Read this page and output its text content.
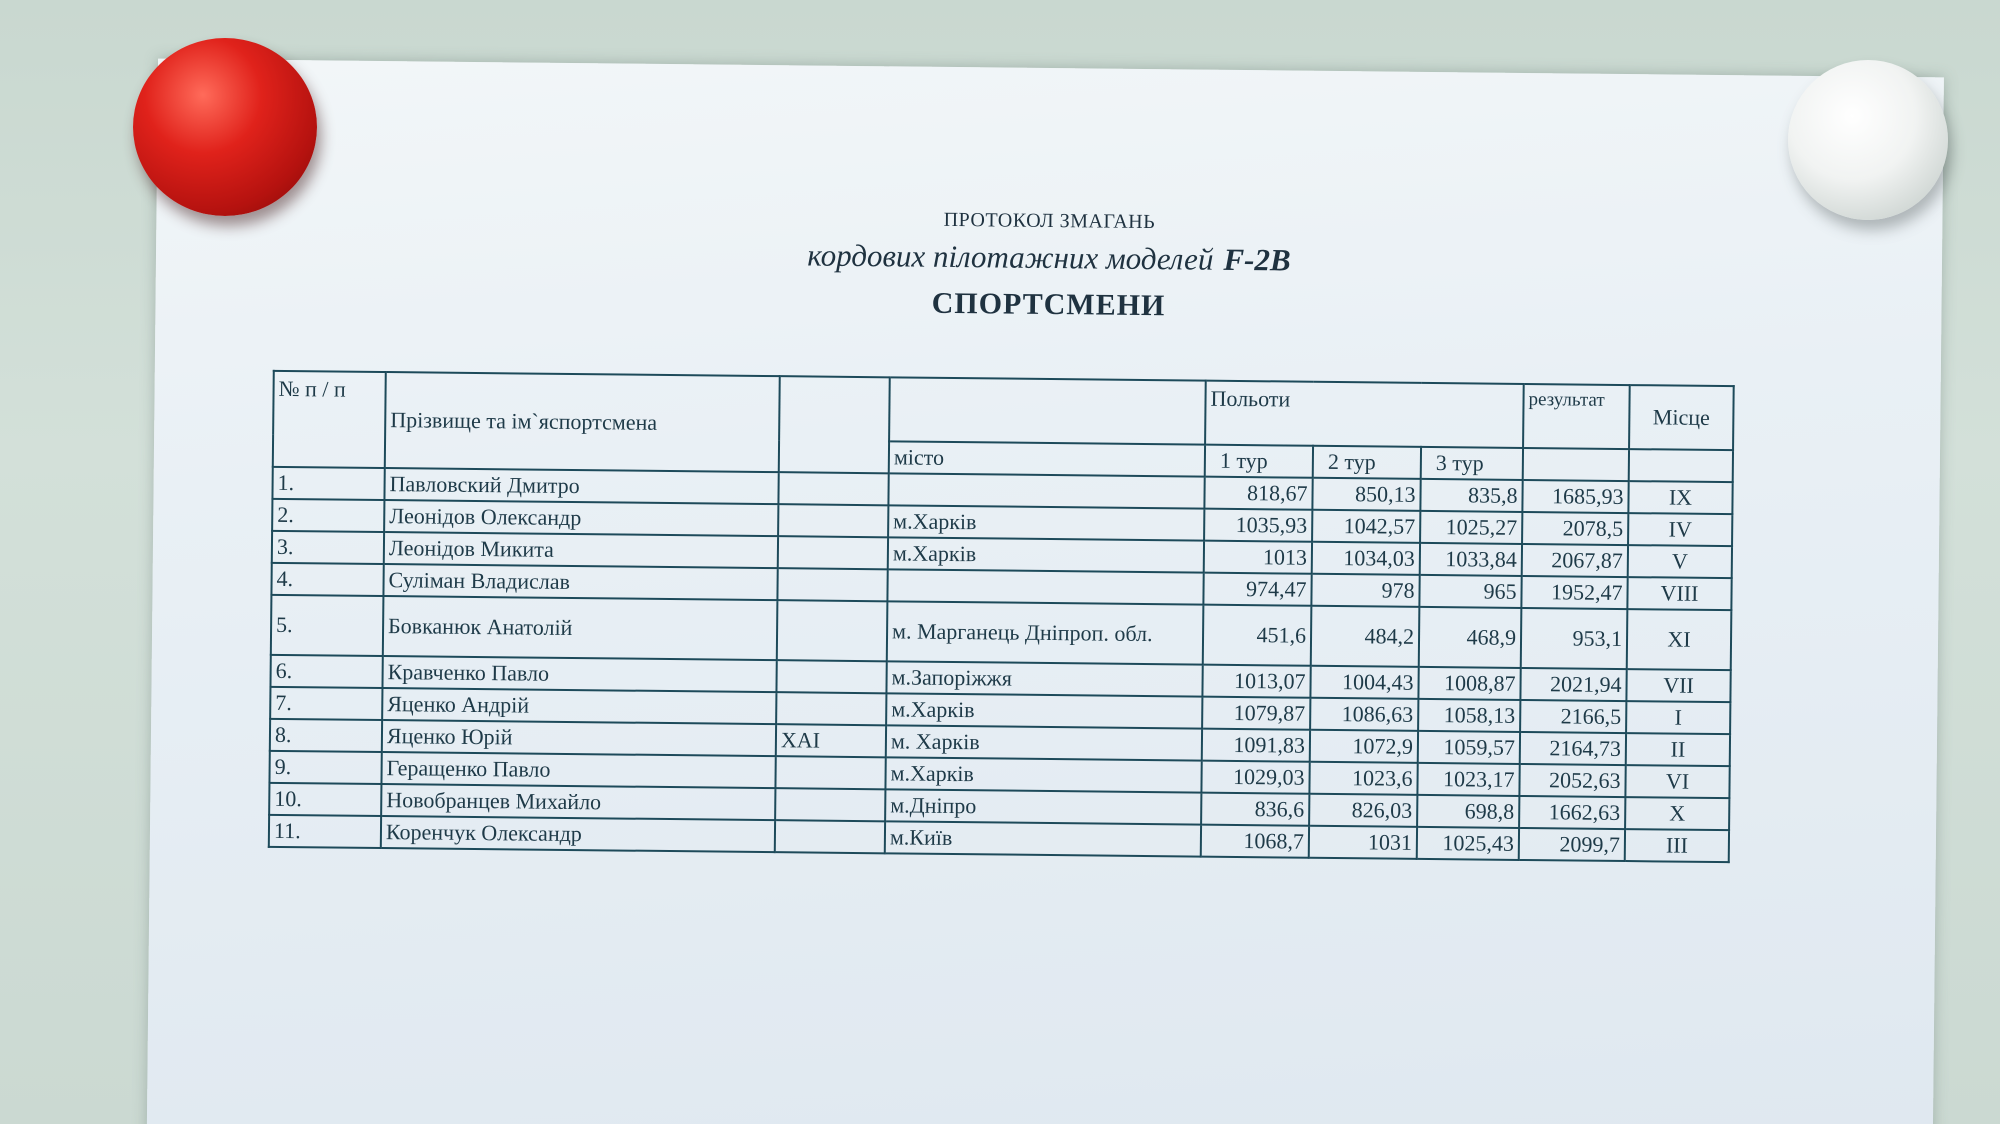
ПРОТОКОЛ ЗМАГАНЬ
кордових пілотажних моделей F-2B
СПОРТСМЕНИ
№ п / п	Прізвище та ім`яспортсмена			Польоти			результат	Місце
			місто	1 тур	2 тур	3 тур		
1.	Павловский Дмитро			818,67	850,13	835,8	1685,93	IX
2.	Леонідов Олександр		м.Харків	1035,93	1042,57	1025,27	2078,5	IV
3.	Леонідов Микита		м.Харків	1013	1034,03	1033,84	2067,87	V
4.	Суліман Владислав			974,47	978	965	1952,47	VIII
5.	Бовканюк Анатолій		м. Марганець Дніпроп. обл.	451,6	484,2	468,9	953,1	XI
6.	Кравченко Павло		м.Запоріжжя	1013,07	1004,43	1008,87	2021,94	VII
7.	Яценко Андрій		м.Харків	1079,87	1086,63	1058,13	2166,5	I
8.	Яценко Юрій	ХАІ	м. Харків	1091,83	1072,9	1059,57	2164,73	II
9.	Геращенко Павло		м.Харків	1029,03	1023,6	1023,17	2052,63	VI
10.	Новобранцев Михайло		м.Дніпро	836,6	826,03	698,8	1662,63	X
11.	Коренчук Олександр		м.Київ	1068,7	1031	1025,43	2099,7	III
